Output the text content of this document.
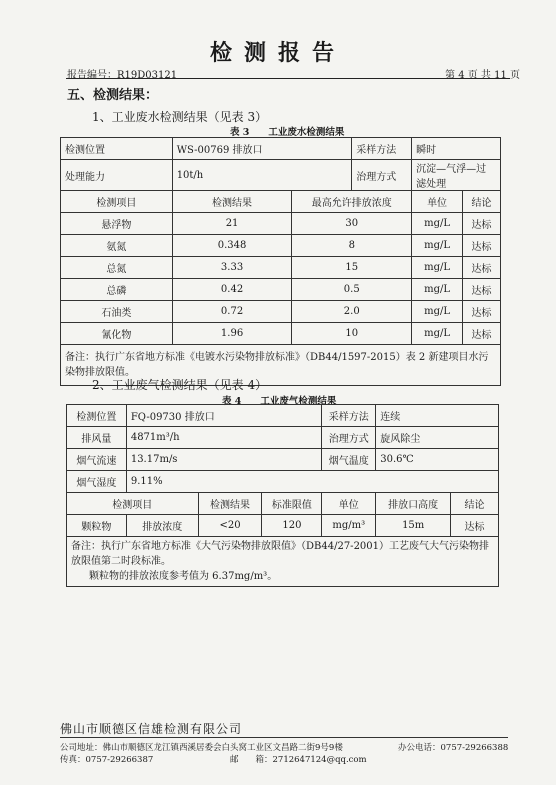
检测报告
报告编号：R19D03121	第 4 页 共 11 页
五、检测结果：
1、工业废水检测结果（见表 3）
表 3　　工业废水检测结果
检测位置	WS-00769 排放口		采样方法	瞬时	
处理能力	10t/h		治理方式	沉淀—气浮—过滤处理	
检测项目	检测结果	最高允许排放浓度		单位	结论
悬浮物	21	30		mg/L	达标
氨氮	0.348	8		mg/L	达标
总氮	3.33	15		mg/L	达标
总磷	0.42	0.5		mg/L	达标
石油类	0.72	2.0		mg/L	达标
氰化物	1.96	10		mg/L	达标
备注：执行广东省地方标准《电镀水污染物排放标准》（DB44/1597-2015）表 2 新建项目水污染物排放限值。					
2、工业废气检测结果（见表 4）
表 4　　工业废气检测结果
检测位置	FQ-09730 排放口			采样方法	连续	
排风量	4871m³/h			治理方式	旋风除尘	
烟气流速	13.17m/s			烟气温度	30.6℃	
烟气湿度	9.11%					
检测项目		检测结果	标准限值	单位	排放口高度	结论
颗粒物	排放浓度	<20	120	mg/m³	15m	达标

备注：执行广东省地方标准《大气污染物排放限值》（DB44/27-2001）工艺废气大气污染物排放限值第二时段标准。
颗粒物的排放浓度参考值为 6.37mg/m³。						
佛山市顺德区信雄检测有限公司
公司地址：佛山市顺德区龙江镇西溪居委会白头窝工业区文昌路二街9号9楼	办公电话：0757-29266388
传真：0757-29266387	邮　　箱：2712647124@qq.com
